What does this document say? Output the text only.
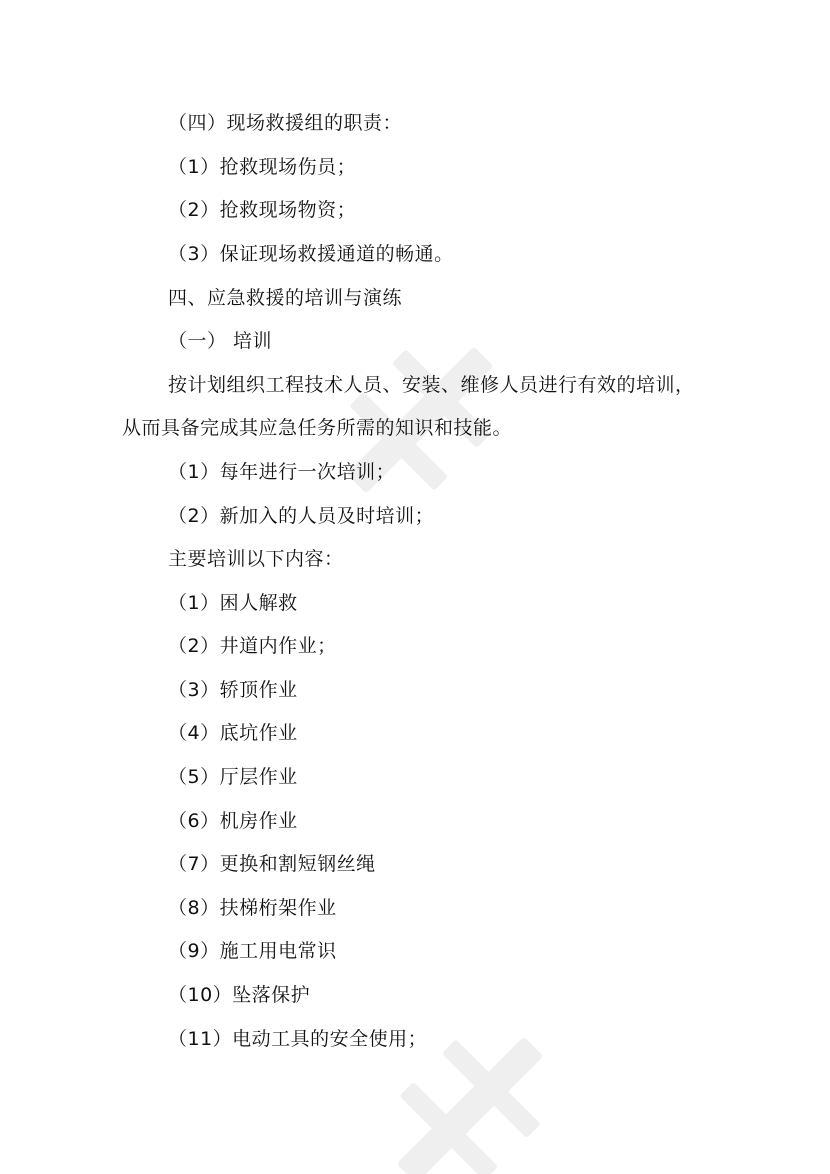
（四）现场救援组的职责：
（1）抢救现场伤员；
（2）抢救现场物资；
（3）保证现场救援通道的畅通。
四、应急救援的培训与演练
（一） 培训
按计划组织工程技术人员、安装、维修人员进行有效的培训，
从而具备完成其应急任务所需的知识和技能。
（1）每年进行一次培训；
（2）新加入的人员及时培训；
主要培训以下内容：
（1）困人解救
（2）井道内作业；
（3）轿顶作业
（4）底坑作业
（5）厅层作业
（6）机房作业
（7）更换和割短钢丝绳
（8）扶梯桁架作业
（9）施工用电常识
（10）坠落保护
（11）电动工具的安全使用；
